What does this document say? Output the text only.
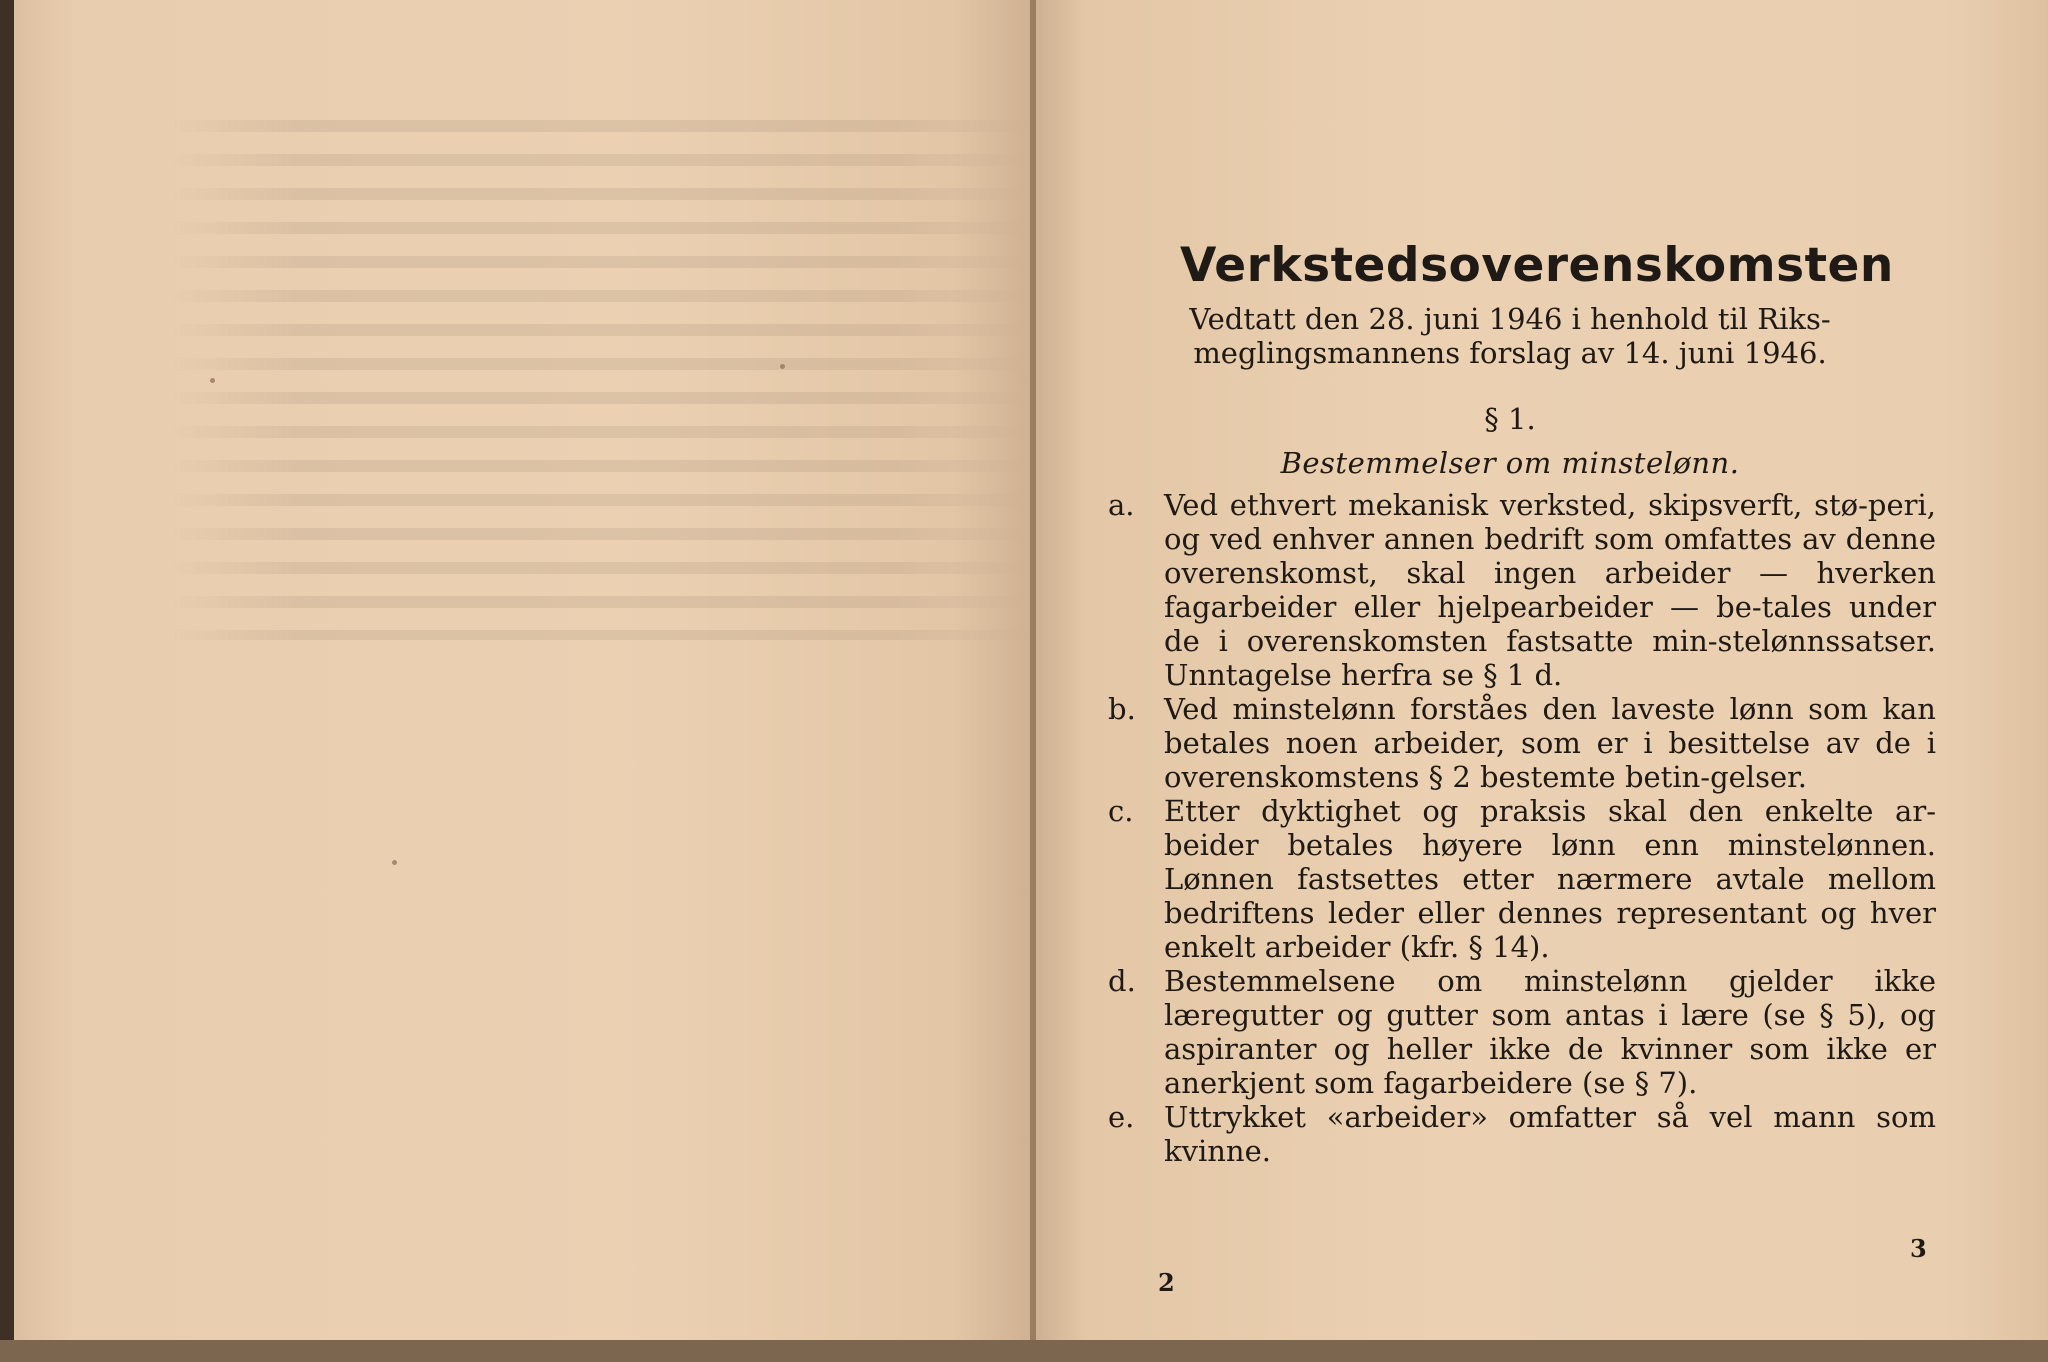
Verkstedsoverenskomsten
Vedtatt den 28. juni 1946 i henhold til Riks-meglingsmannens forslag av 14. juni 1946.
§ 1.
Bestemmelser om minstelønn.
a.	Ved ethvert mekanisk verksted, skipsverft, stø-peri, og ved enhver annen bedrift som omfattes av denne overenskomst, skal ingen arbeider — hverken fagarbeider eller hjelpearbeider — be-tales under de i overenskomsten fastsatte min-stelønnssatser. Unntagelse herfra se § 1 d.
b. Ved minstelønn forståes den laveste lønn som kan betales noen arbeider, som er i besittelse av de i overenskomstens § 2 bestemte betin-gelser.
c.	Etter dyktighet og praksis skal den enkelte ar-beider betales høyere lønn enn minstelønnen. Lønnen fastsettes etter nærmere avtale mellom bedriftens leder eller dennes representant og hver enkelt arbeider (kfr. § 14).
d. Bestemmelsene om minstelønn gjelder ikke læregutter og gutter som antas i lære (se § 5), og aspiranter og heller ikke de kvinner som ikke er anerkjent som fagarbeidere (se § 7).
e.	Uttrykket «arbeider» omfatter så vel mann som kvinne.
2
3
